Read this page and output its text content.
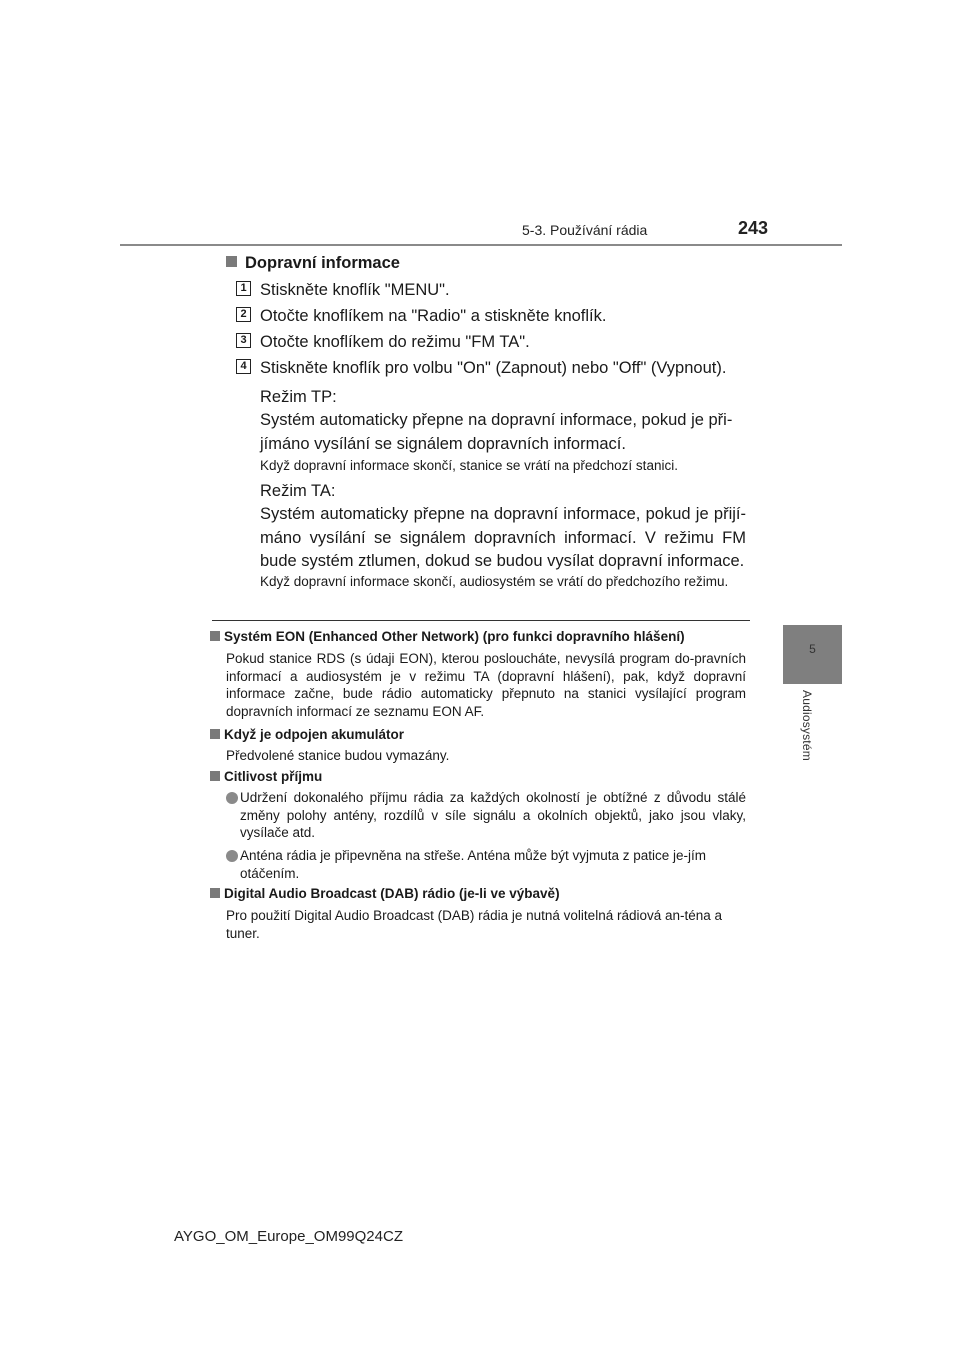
5-3. Používání rádia	243
5
Audiosystém
Dopravní informace
1 Stiskněte knoflík "MENU".
2 Otočte knoflíkem na "Radio" a stiskněte knoflík.
3 Otočte knoflíkem do režimu "FM TA".
4 Stiskněte knoflík pro volbu "On" (Zapnout) nebo "Off" (Vypnout).
Režim TP:
Systém automaticky přepne na dopravní informace, pokud je při-jímáno vysílání se signálem dopravních informací.
Když dopravní informace skončí, stanice se vrátí na předchozí stanici.
Režim TA:
Systém automaticky přepne na dopravní informace, pokud je přijí-máno vysílání se signálem dopravních informací. V režimu FM bude systém ztlumen, dokud se budou vysílat dopravní informace.
Když dopravní informace skončí, audiosystém se vrátí do předchozího režimu.
Systém EON (Enhanced Other Network) (pro funkci dopravního hlášení)
Pokud stanice RDS (s údaji EON), kterou posloucháte, nevysílá program do-pravních informací a audiosystém je v režimu TA (dopravní hlášení), pak, když dopravní informace začne, bude rádio automaticky přepnuto na stanici vysílající program dopravních informací ze seznamu EON AF.
Když je odpojen akumulátor
Předvolené stanice budou vymazány.
Citlivost příjmu
Udržení dokonalého příjmu rádia za každých okolností je obtížné z důvodu stálé změny polohy antény, rozdílů v síle signálu a okolních objektů, jako jsou vlaky, vysílače atd.
Anténa rádia je připevněna na střeše. Anténa může být vyjmuta z patice je-jím otáčením.
Digital Audio Broadcast (DAB) rádio (je-li ve výbavě)
Pro použití Digital Audio Broadcast (DAB) rádia je nutná volitelná rádiová an-téna a tuner.
AYGO_OM_Europe_OM99Q24CZ
